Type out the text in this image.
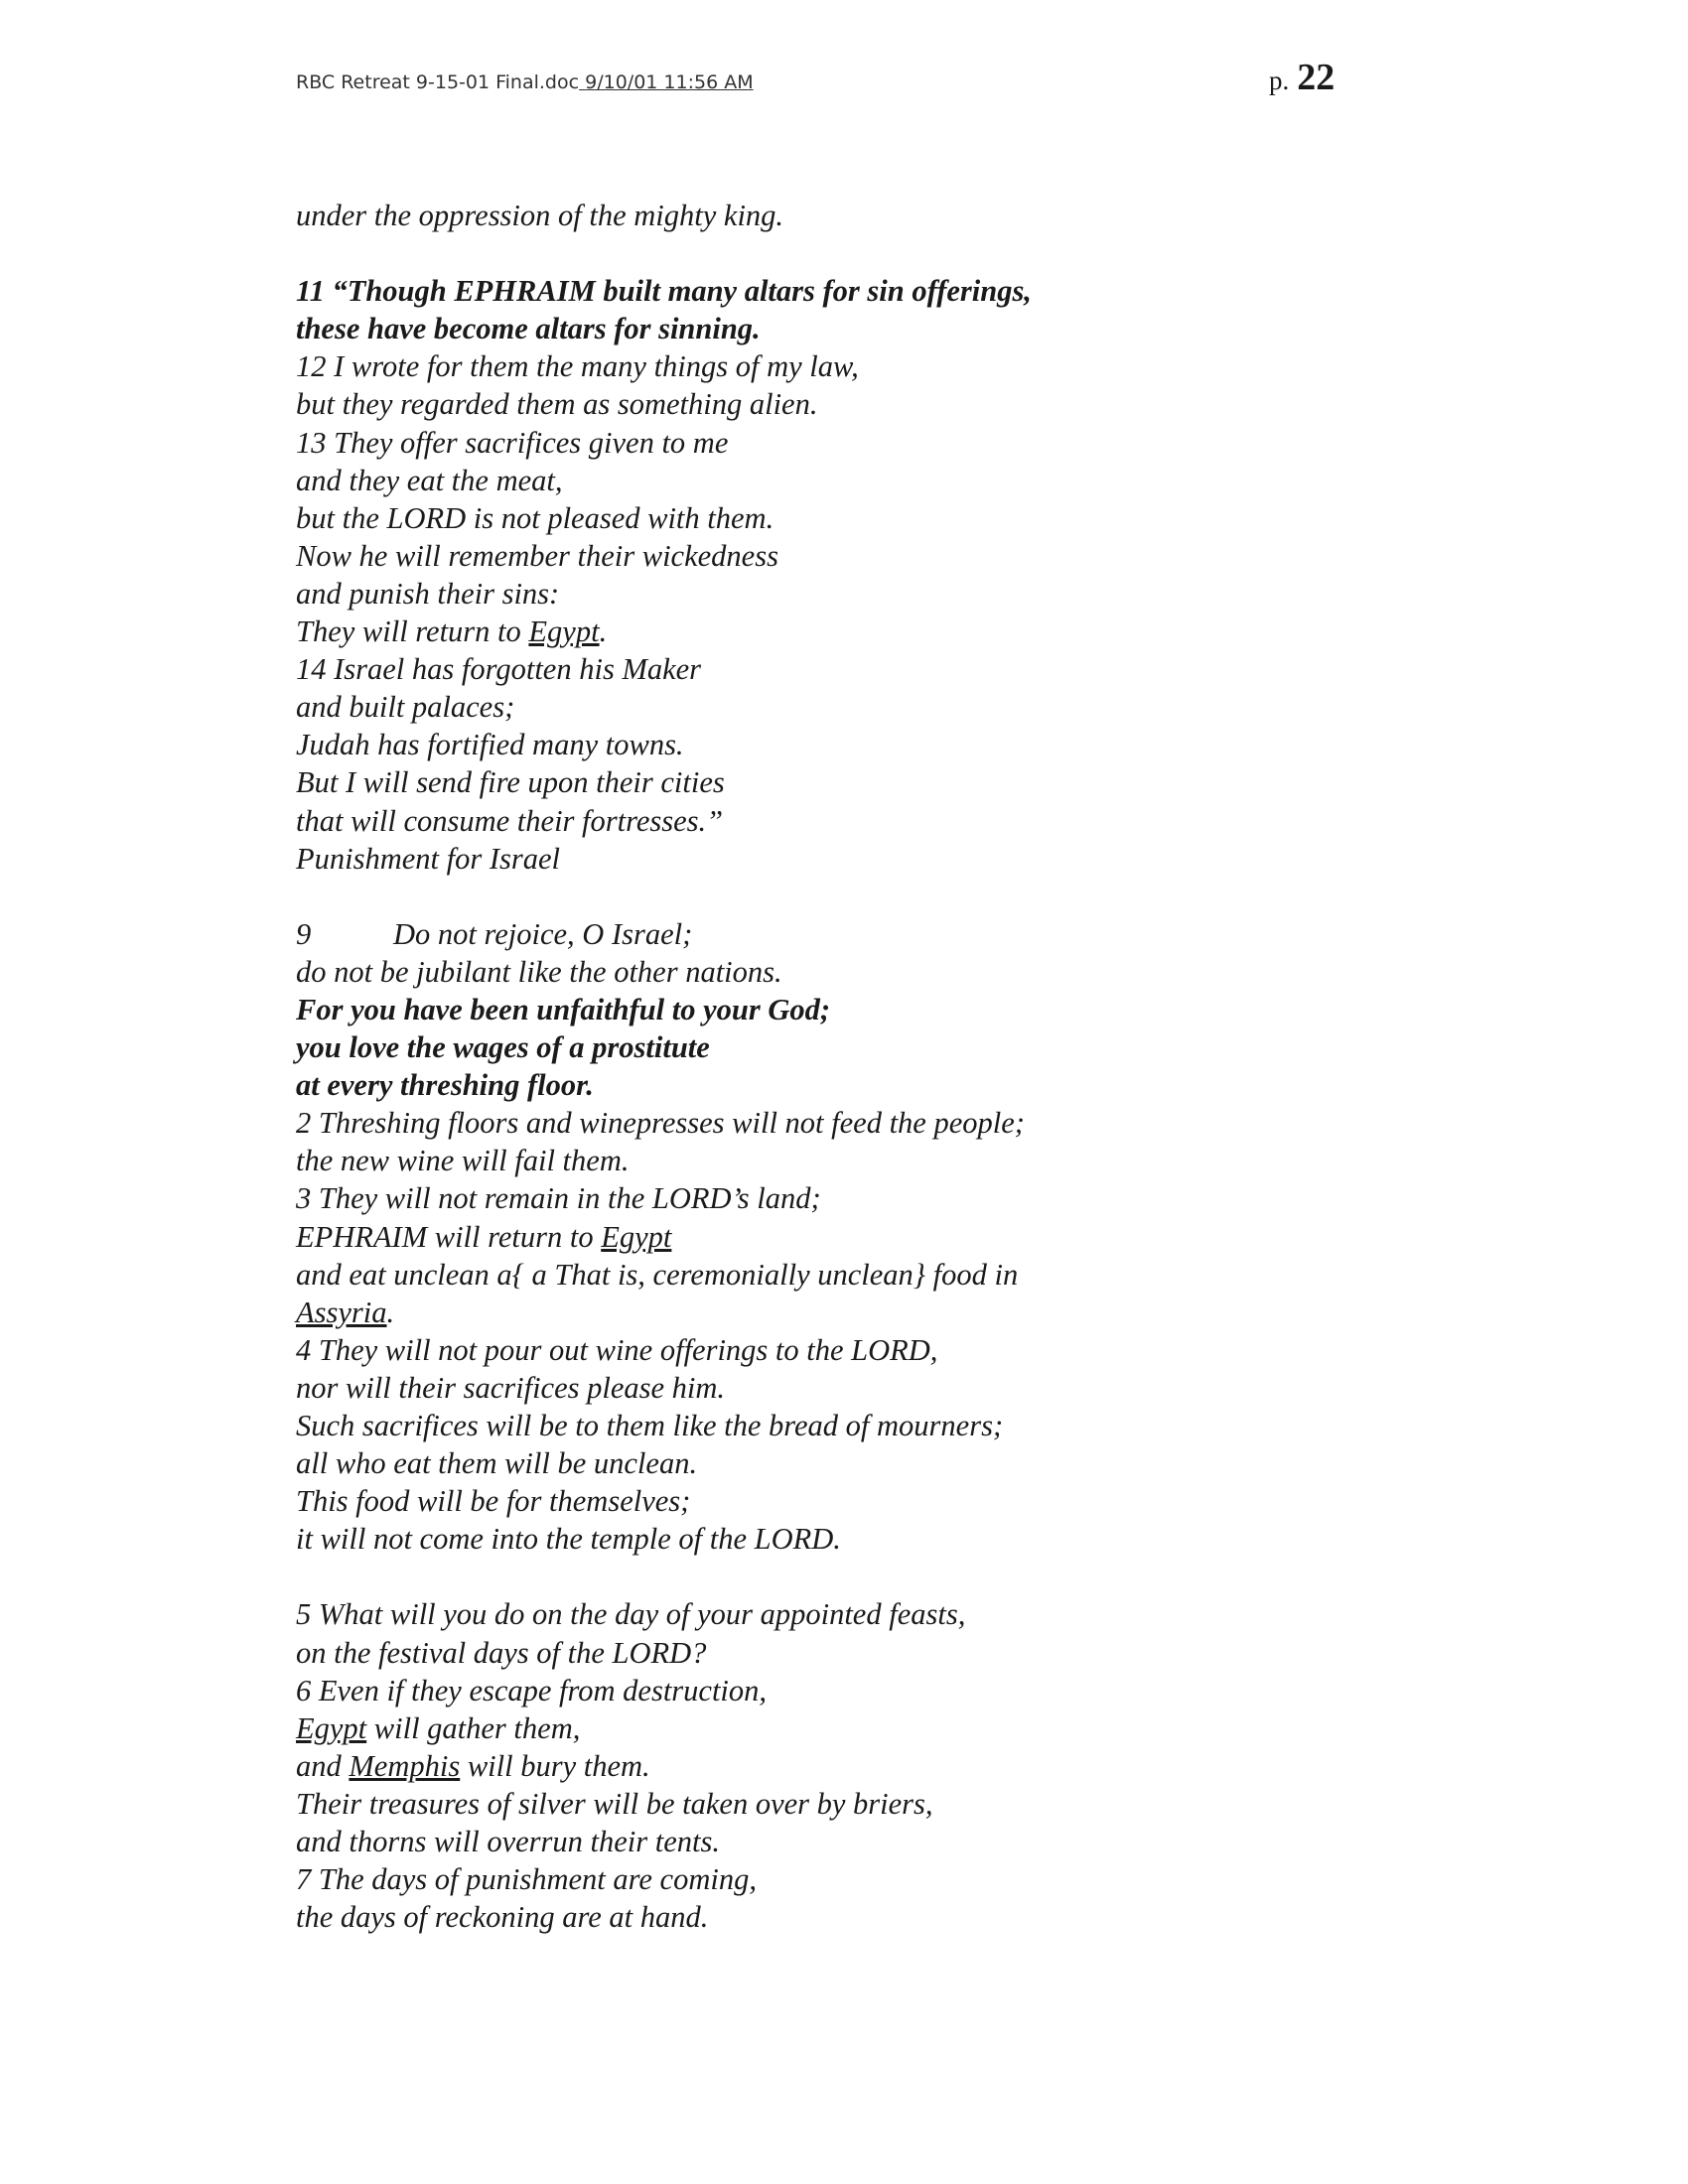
RBC Retreat 9-15-01 Final.doc 9/10/01 11:56 AM	p. 22
under the oppression of the mighty king.
11 “Though EPHRAIM built many altars for sin offerings,
these have become altars for sinning.
12 I wrote for them the many things of my law,
but they regarded them as something alien.
13 They offer sacrifices given to me
and they eat the meat,
but the LORD is not pleased with them.
Now he will remember their wickedness
and punish their sins:
They will return to Egypt.
14 Israel has forgotten his Maker
and built palaces;
Judah has fortified many towns.
But I will send fire upon their cities
that will consume their fortresses.”
Punishment for Israel
9	Do not rejoice, O Israel;
do not be jubilant like the other nations.
For you have been unfaithful to your God;
you love the wages of a prostitute
at every threshing floor.
2 Threshing floors and winepresses will not feed the people;
the new wine will fail them.
3 They will not remain in the LORD’s land;
EPHRAIM will return to Egypt
and eat unclean a{ a That is, ceremonially unclean} food in
Assyria.
4 They will not pour out wine offerings to the LORD,
nor will their sacrifices please him.
Such sacrifices will be to them like the bread of mourners;
all who eat them will be unclean.
This food will be for themselves;
it will not come into the temple of the LORD.
5 What will you do on the day of your appointed feasts,
on the festival days of the LORD?
6 Even if they escape from destruction,
Egypt will gather them,
and Memphis will bury them.
Their treasures of silver will be taken over by briers,
and thorns will overrun their tents.
7 The days of punishment are coming,
the days of reckoning are at hand.
